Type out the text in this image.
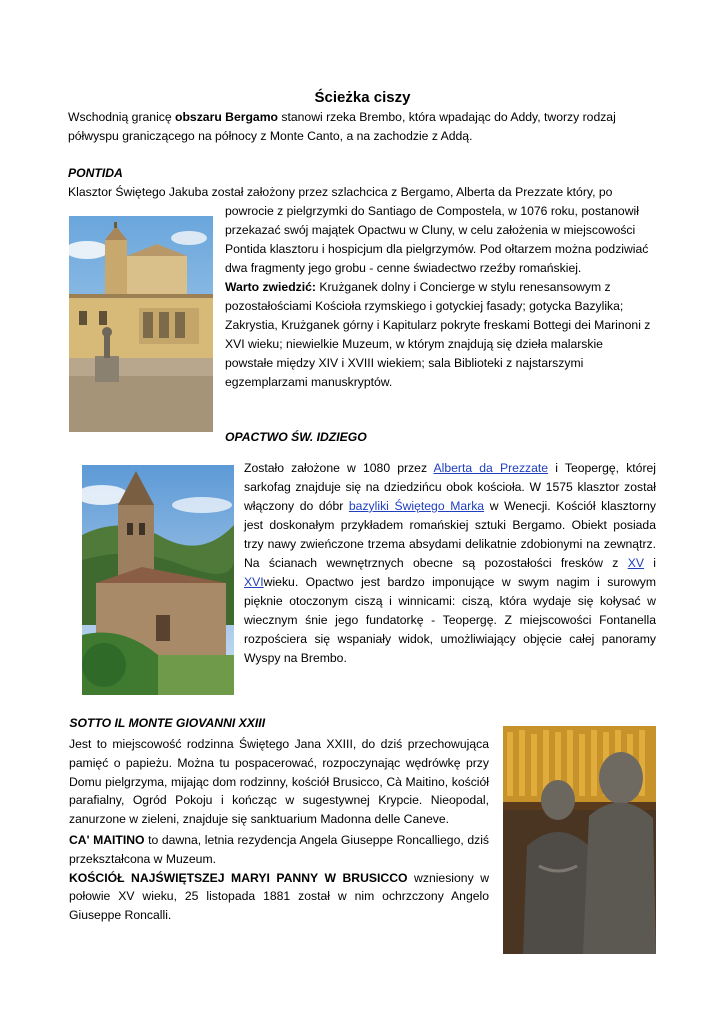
Ścieżka ciszy
Wschodnią granicę obszaru Bergamo stanowi rzeka Brembo, która wpadając do Addy, tworzy rodzaj
półwyspu graniczącego na północy z Monte Canto, a na zachodzie z Addą.
PONTIDA
Klasztor Świętego Jakuba został założony przez szlachcica z Bergamo, Alberta da Prezzate który, po
powrocie z pielgrzymki do Santiago de Compostela, w 1076 roku, postanowił
przekazać swój majątek Opactwu w Cluny, w celu założenia w miejscowości
Pontida klasztoru i hospicjum dla pielgrzymów. Pod ołtarzem można podziwiać
dwa fragmenty jego grobu - cenne świadectwo rzeźby romańskiej.
Warto zwiedzić: Krużganek dolny i Concierge w stylu renesansowym z
pozostałościami Kościoła rzymskiego i gotyckiej fasady; gotycka Bazylika;
Zakrystia, Krużganek górny i Kapitularz pokryte freskami Bottegi dei Marinoni z
XVI wieku; niewielkie Muzeum, w którym znajdują się dzieła malarskie
powstałe między XIV i XVIII wiekiem; sala Biblioteki z najstarszymi
egzemplarzami manuskryptów.
OPACTWO ŚW. IDZIEGO
Zostało założone w 1080 przez Alberta da Prezzate i Teopergę, której sarkofag znajduje się na dziedzińcu obok kościoła. W 1575 klasztor został włączony do dóbr bazyliki Świętego Marka w Wenecji. Kościół klasztorny jest doskonałym przykładem romańskiej sztuki Bergamo. Obiekt posiada trzy nawy zwieńczone trzema absydami delikatnie zdobionymi na zewnątrz. Na ścianach wewnętrznych obecne są pozostałości fresków z XV i XVIwieku. Opactwo jest bardzo imponujące w swym nagim i surowym pięknie otoczonym ciszą i winnicami: ciszą, która wydaje się kołysać w wiecznym śnie jego fundatorkę - Teopergę. Z miejscowości Fontanella rozpościera się wspaniały widok, umożliwiający objęcie całej panoramy Wyspy na Brembo.
SOTTO IL MONTE GIOVANNI XXIII

Jest to miejscowość rodzinna Świętego Jana XXIII, do dziś przechowująca pamięć o papieżu. Można tu pospacerować, rozpoczynając wędrówkę przy Domu pielgrzyma, mijając dom rodzinny, kościół Brusicco, Cà Maitino, kościół parafialny, Ogród Pokoju i kończąc w sugestywnej Krypcie. Nieopodal, zanurzone w zieleni, znajduje się sanktuarium Madonna delle Caneve.

CA' MAITINO to dawna, letnia rezydencja Angela Giuseppe Roncalliego, dziś przekształcona w Muzeum.

KOŚCIÓŁ NAJŚWIĘTSZEJ MARYI PANNY W BRUSICCO wzniesiony w połowie XV wieku, 25 listopada 1881 został w nim ochrzczony Angelo Giuseppe Roncalli.
